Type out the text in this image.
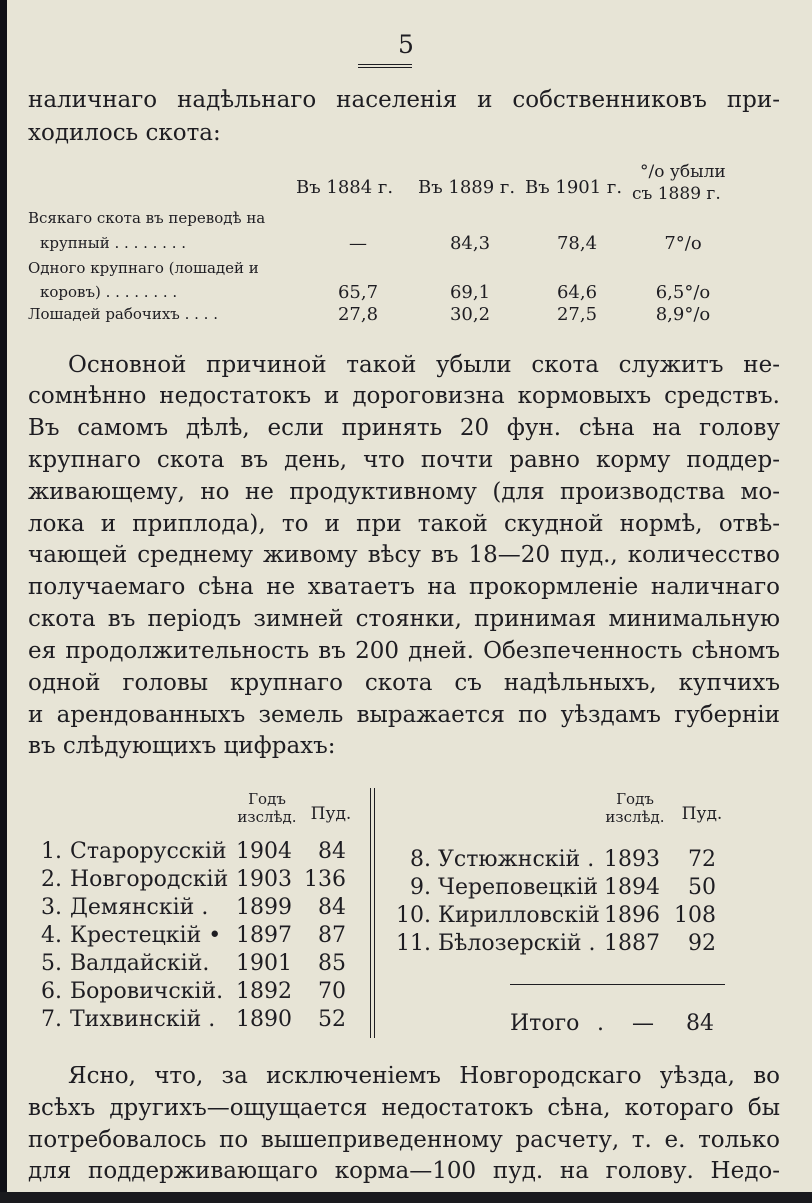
5
наличнаго надѣльнаго населенія и собственниковъ при-
ходилось скота:
Въ 1884 г. Въ 1889 г. Въ 1901 г.
°/о убыли
съ 1889 г.
Всякаго скота въ переводѣ на
крупный . . . . . . . .	—	84,3	78,4	7°/о
Одного крупнаго (лошадей и
коровъ) . . . . . . . .	65,7	69,1	64,6	6,5°/о
Лошадей рабочихъ . . . .	27,8	30,2	27,5	8,9°/о
Основной причиной такой убыли скота служитъ не-
сомнѣнно недостатокъ и дороговизна кормовыхъ средствъ.
Въ самомъ дѣлѣ, если принять 20 фун. сѣна на голову
крупнаго скота въ день, что почти равно корму поддер-
живающему, но не продуктивному (для производства мо-
лока и приплода), то и при такой скудной нормѣ, отвѣ-
чающей среднему живому вѣсу въ 18—20 пуд., количесство
получаемаго сѣна не хватаетъ на прокормленіе наличнаго
скота въ періодъ зимней стоянки, принимая минимальную
ея продолжительность въ 200 дней. Обезпеченность сѣномъ
одной головы крупнаго скота съ надѣльныхъ, купчихъ
и арендованныхъ земель выражается по уѣздамъ губерніи
въ слѣдующихъ цифрахъ:
Годъ
изслѣд. Пуд.
Годъ
изслѣд.	Пуд.
1. Старорусскій 1904	84
2. Новгородскій 1903 136
3. Демянскій . 1899	84
4. Крестецкій • 1897	87
5. Валдайскій. 1901	85
6. Боровичскій. 1892	70
7. Тихвинскій . 1890	52
8. Устюжнскій . 1893	72
9. Череповецкій 1894	50
10. Кирилловскій 1896 108
11. Бѣлозерскій . 1887	92
Итого . —	84
Ясно, что, за исключеніемъ Новгородскаго уѣзда, во
всѣхъ другихъ—ощущается недостатокъ сѣна, котораго бы
потребовалось по вышеприведенному расчету, т. е. только
для поддерживающаго корма—100 пуд. на голову. Недо-
